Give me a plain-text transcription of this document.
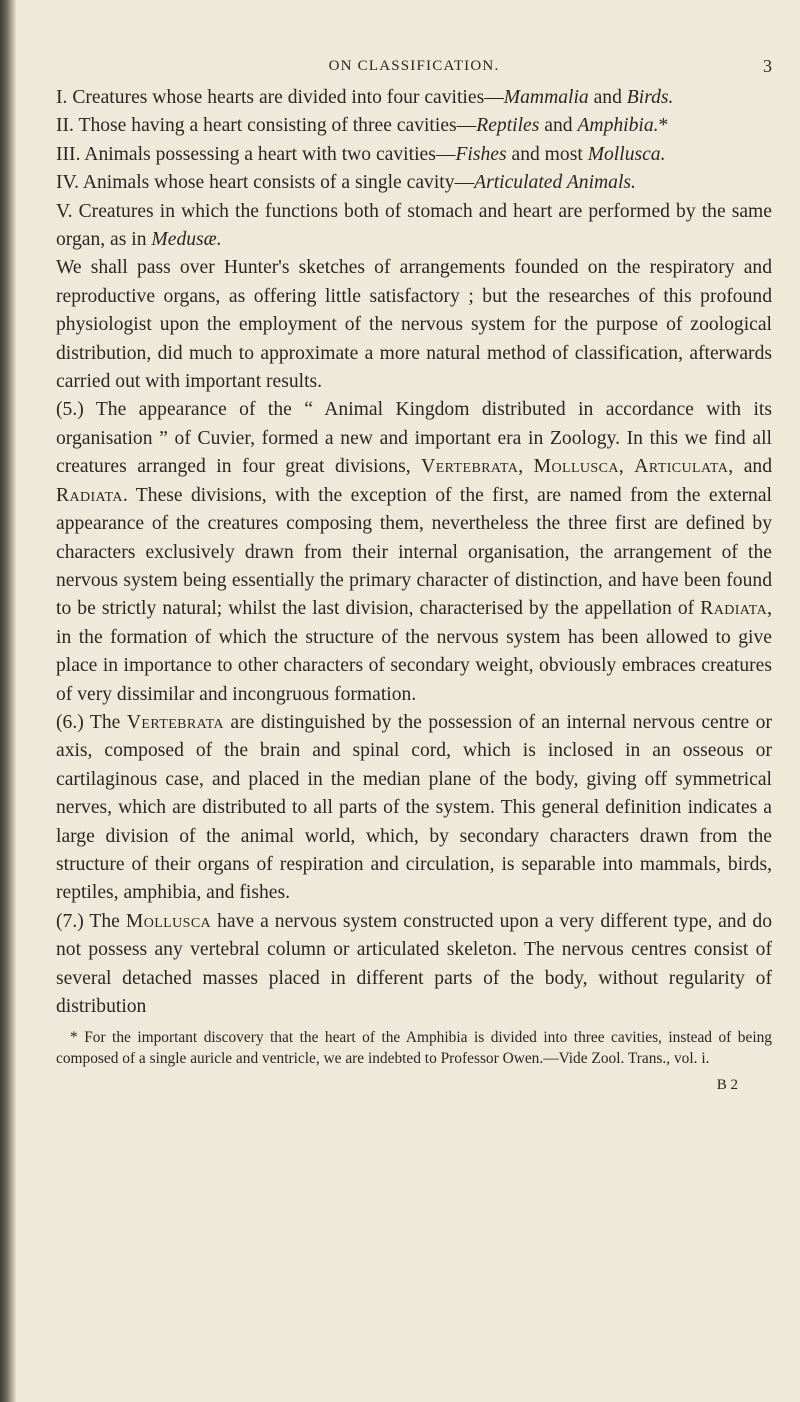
ON CLASSIFICATION.	3

I. Creatures whose hearts are divided into four cavities—Mammalia and Birds.

II. Those having a heart consisting of three cavities—Reptiles and Amphibia.*

III. Animals possessing a heart with two cavities—Fishes and most Mollusca.

IV. Animals whose heart consists of a single cavity—Articulated Animals.

V. Creatures in which the functions both of stomach and heart are performed by the same organ, as in Medusæ.

We shall pass over Hunter's sketches of arrangements founded on the respiratory and reproductive organs, as offering little satisfactory ; but the researches of this profound physiologist upon the employment of the nervous system for the purpose of zoological distribution, did much to approximate a more natural method of classification, afterwards carried out with important results.

(5.) The appearance of the “ Animal Kingdom distributed in accordance with its organisation ” of Cuvier, formed a new and important era in Zoology. In this we find all creatures arranged in four great divisions, Vertebrata, Mollusca, Articulata, and Radiata. These divisions, with the exception of the first, are named from the external appearance of the creatures composing them, nevertheless the three first are defined by characters exclusively drawn from their internal organisation, the arrangement of the nervous system being essentially the primary character of distinction, and have been found to be strictly natural; whilst the last division, characterised by the appellation of Radiata, in the formation of which the structure of the nervous system has been allowed to give place in importance to other characters of secondary weight, obviously embraces creatures of very dissimilar and incongruous formation.

(6.) The Vertebrata are distinguished by the possession of an internal nervous centre or axis, composed of the brain and spinal cord, which is inclosed in an osseous or cartilaginous case, and placed in the median plane of the body, giving off symmetrical nerves, which are distributed to all parts of the system. This general definition indicates a large division of the animal world, which, by secondary characters drawn from the structure of their organs of respiration and circulation, is separable into mammals, birds, reptiles, amphibia, and fishes.

(7.) The Mollusca have a nervous system constructed upon a very different type, and do not possess any vertebral column or articulated skeleton. The nervous centres consist of several detached masses placed in different parts of the body, without regularity of distribution

* For the important discovery that the heart of the Amphibia is divided into three cavities, instead of being composed of a single auricle and ventricle, we are indebted to Professor Owen.—Vide Zool. Trans., vol. i.

B 2
